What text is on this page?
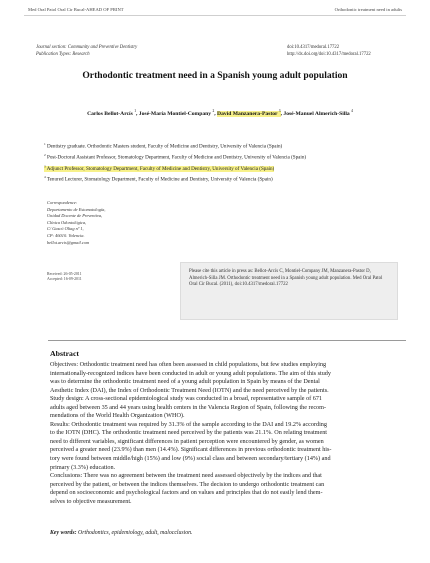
Med Oral Patol Oral Cir Bucal-AHEAD OF PRINT	Orthodontic treatment need in adults
Journal section: Community and Preventive Dentistry
Publication Types: Research
doi:10.4317/medoral.17722
http://dx.doi.org/doi:10.4317/medoral.17722
Orthodontic treatment need in a Spanish young adult population
Carlos Bellot-Arcís $^1$, José-María Montiel-Company $^2$, David Manzanera-Pastor $^3$, José-Manuel Almerich-Silla $^4$
$^1$ Dentistry graduate. Orthodontic Masters student, Faculty of Medicine and Dentistry, University of Valencia (Spain)
$^2$ Post-Doctoral Assistant Professor, Stomatology Department, Faculty of Medicine and Dentistry, University of Valencia (Spain)
$^3$ Adjunct Professor, Stomatology Department, Faculty of Medicine and Dentistry, University of Valencia (Spain)
$^4$ Tenured Lecturer, Stomatology Department, Faculty of Medicine and Dentistry, University of Valencia (Spain)
Correspondence:
Departamento de Estomatología,
Unidad Docente de Preventiva,
Clínica Odontológica,
C/ Gascó Oliag nº 1,
CP: 46010. Valencia.
bellot.arcis@gmail.com
Received: 26-05-2011
Accepted: 16-09-2011
Please cite this article in press as: Bellot-Arcís C, Montiel-Company JM, Manzanera-Pastor D, Almerich-Silla JM. Orthodontic treatment need in a Spanish young adult population. Med Oral Patol Oral Cir Bucal. (2011), doi:10.4317/medoral.17722
Abstract
Objectives: Orthodontic treatment need has often been assessed in child populations, but few studies employing
internationally-recognized indices have been conducted in adult or young adult populations. The aim of this study
was to determine the orthodontic treatment need of a young adult population in Spain by means of the Dental
Aesthetic Index (DAI), the Index of Orthodontic Treatment Need (IOTN) and the need perceived by the patients.
Study design: A cross-sectional epidemiological study was conducted in a broad, representative sample of 671
adults aged between 35 and 44 years using health centers in the Valencia Region of Spain, following the recom-
mendations of the World Health Organization (WHO).
Results: Orthodontic treatment was required by 31.3% of the sample according to the DAI and 19.2% according
to the IOTN (DHC). The orthodontic treatment need perceived by the patients was 21.1%. On relating treatment
need to different variables, significant differences in patient perception were encountered by gender, as women
perceived a greater need (23.9%) than men (14.4%). Significant differences in previous orthodontic treatment his-
tory were found between middle/high (15%) and low (9%) social class and between secondary/tertiary (14%) and
primary (3.3%) education.
Conclusions: There was no agreement between the treatment need assessed objectively by the indices and that
perceived by the patient, or between the indices themselves. The decision to undergo orthodontic treatment can
depend on socioeconomic and psychological factors and on values and principles that do not easily lend them-
selves to objective measurement.
Key words: Orthodontics, epidemiology, adult, malocclusion.
